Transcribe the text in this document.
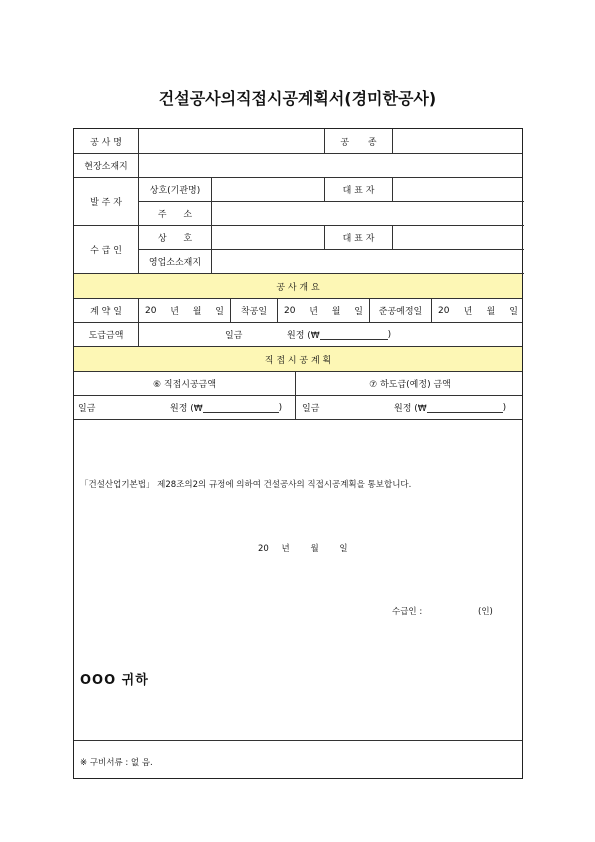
건설공사의직접시공계획서(경미한공사)
공 사 명	공 종
현장소재지
발 주 자
상호(기관명)	대 표 자
주 소
수 급 인
상 호	대 표 자
영업소소재지
공 사 개 요
계 약 일	20 년 월 일	착공일	20 년 월 일	준공예정일	20 년 월 일
도급금액	일금	원정 (₩	)
직 접 시 공 계 획
⑥ 직접시공금액	⑦ 하도급(예정) 금액
일금	원정 (₩	) 일금	원정 (₩	)
「건설산업기본법」 제28조의2의 규정에 의하여 건설공사의 직접시공계획을 통보합니다.
20 년 월 일
수급인 :	(인)
OOO 귀하
※ 구비서류 : 없 음.
